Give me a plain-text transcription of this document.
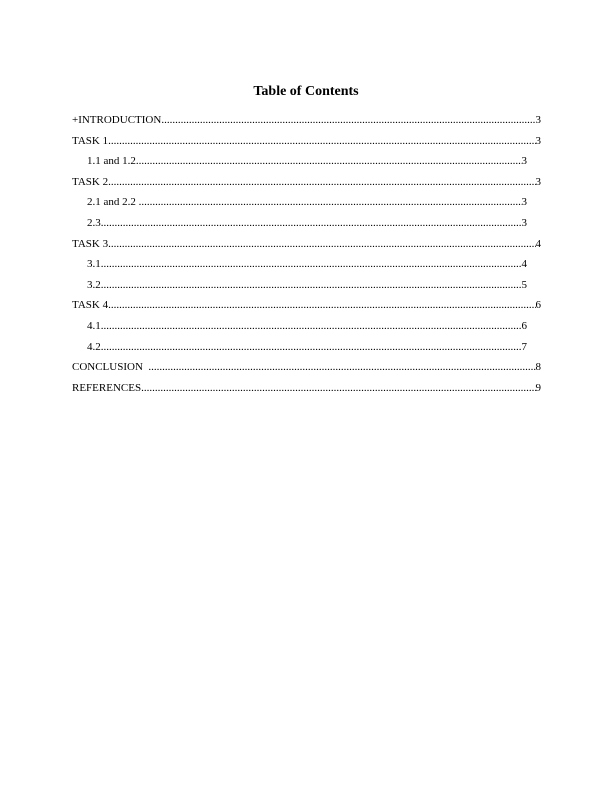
Table of Contents
+INTRODUCTION .....	3
TASK 1 .....	3
1.1 and 1.2 .....	3
TASK 2 .....	3
2.1 and 2.2 .....	3
2.3 .....	3
TASK 3 .....	4
3.1 .....	4
3.2 .....	5
TASK 4 .....	6
4.1 .....	6
4.2 .....	7
CONCLUSION .....	8
REFERENCES .....	9
